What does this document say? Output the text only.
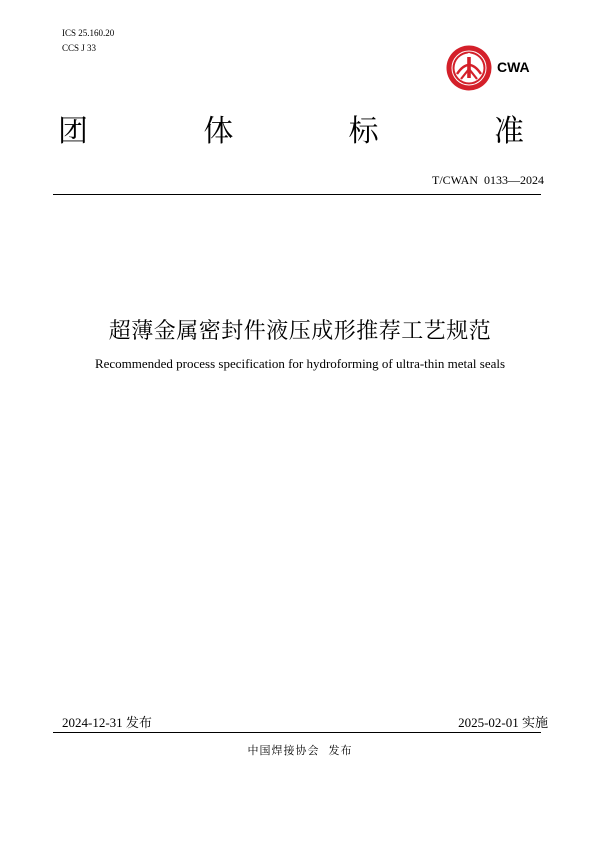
ICS 25.160.20
CCS J 33
CWA
团	体	标	准
T/CWAN  0133—2024
超薄金属密封件液压成形推荐工艺规范
Recommended process specification for hydroforming of ultra-thin metal seals
2024-12-31 发布	2025-02-01 实施
中国焊接协会  发布
